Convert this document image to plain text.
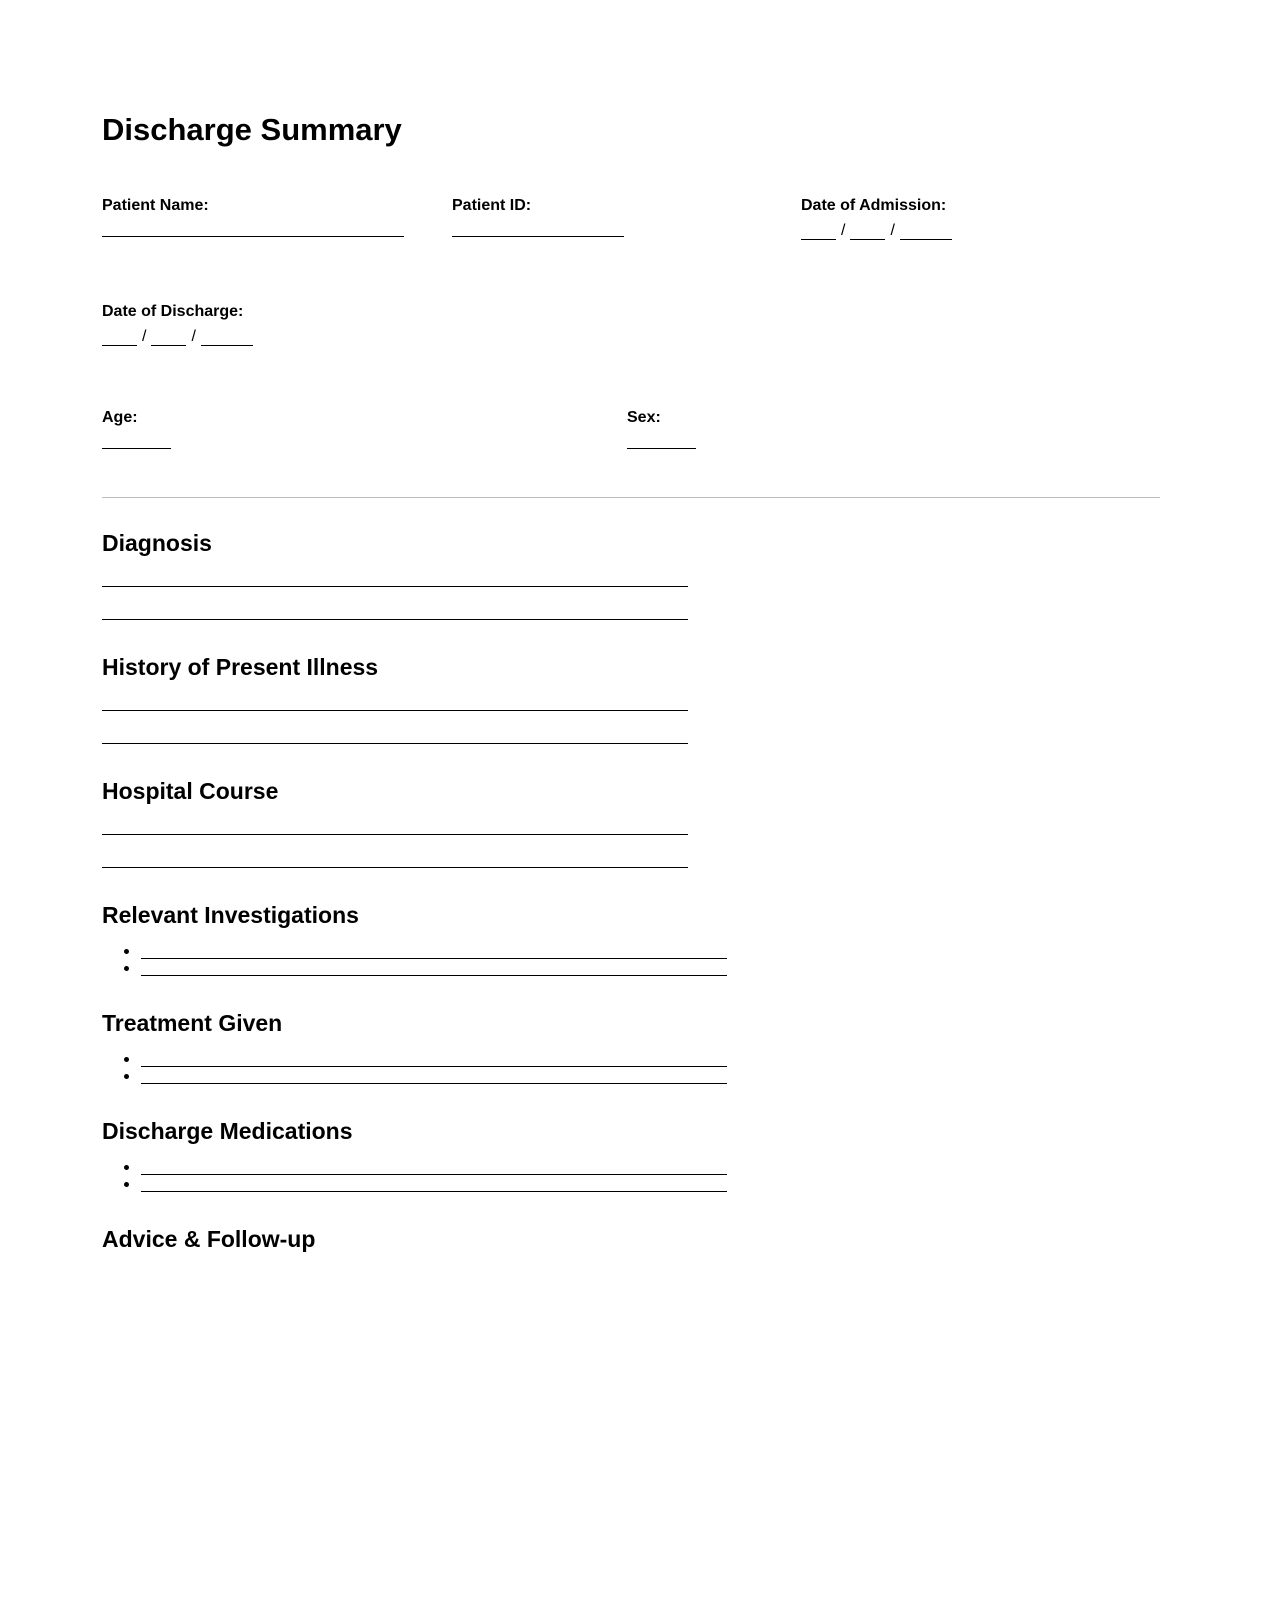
Discharge Summary
Patient Name:	Patient ID:	Date of Admission:
/	/
Date of Discharge:
/	/
Age:	Sex:
Diagnosis
History of Present Illness
Hospital Course
Relevant Investigations
Treatment Given
Discharge Medications
Advice & Follow-up
